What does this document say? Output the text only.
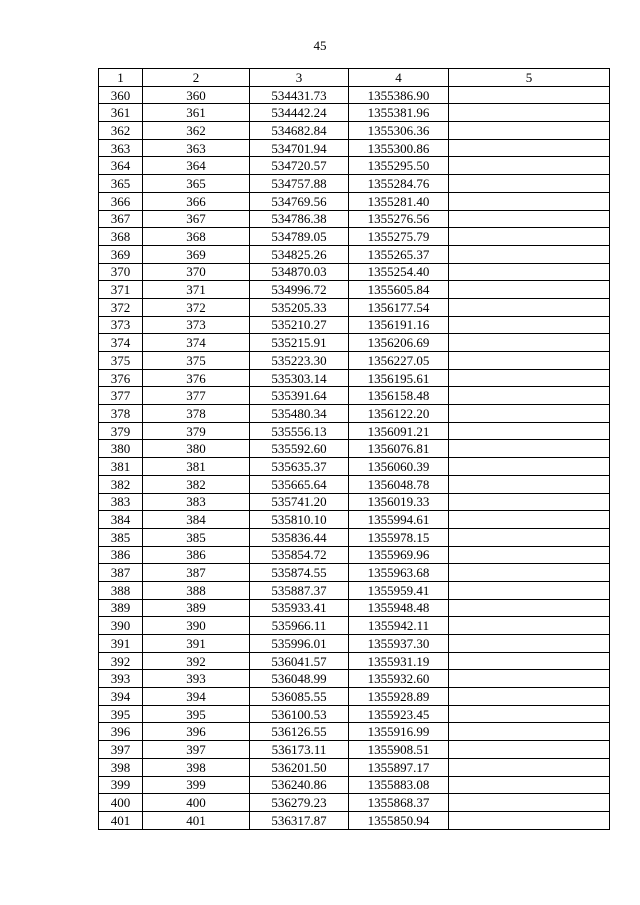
45
1	2	3	4	5
360	360	534431.73	1355386.90	
361	361	534442.24	1355381.96	
362	362	534682.84	1355306.36	
363	363	534701.94	1355300.86	
364	364	534720.57	1355295.50	
365	365	534757.88	1355284.76	
366	366	534769.56	1355281.40	
367	367	534786.38	1355276.56	
368	368	534789.05	1355275.79	
369	369	534825.26	1355265.37	
370	370	534870.03	1355254.40	
371	371	534996.72	1355605.84	
372	372	535205.33	1356177.54	
373	373	535210.27	1356191.16	
374	374	535215.91	1356206.69	
375	375	535223.30	1356227.05	
376	376	535303.14	1356195.61	
377	377	535391.64	1356158.48	
378	378	535480.34	1356122.20	
379	379	535556.13	1356091.21	
380	380	535592.60	1356076.81	
381	381	535635.37	1356060.39	
382	382	535665.64	1356048.78	
383	383	535741.20	1356019.33	
384	384	535810.10	1355994.61	
385	385	535836.44	1355978.15	
386	386	535854.72	1355969.96	
387	387	535874.55	1355963.68	
388	388	535887.37	1355959.41	
389	389	535933.41	1355948.48	
390	390	535966.11	1355942.11	
391	391	535996.01	1355937.30	
392	392	536041.57	1355931.19	
393	393	536048.99	1355932.60	
394	394	536085.55	1355928.89	
395	395	536100.53	1355923.45	
396	396	536126.55	1355916.99	
397	397	536173.11	1355908.51	
398	398	536201.50	1355897.17	
399	399	536240.86	1355883.08	
400	400	536279.23	1355868.37	
401	401	536317.87	1355850.94	
